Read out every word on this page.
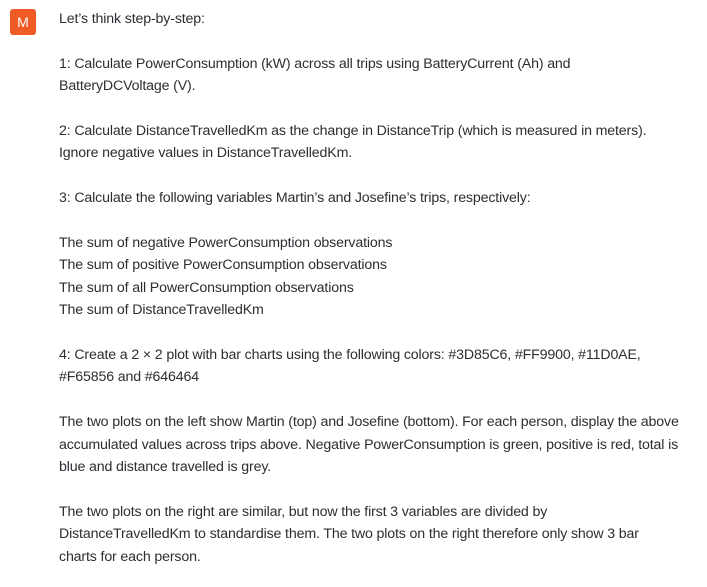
M	Let’s think step-by-step:

1: Calculate PowerConsumption (kW) across all trips using BatteryCurrent (Ah) and BatteryDCVoltage (V).

2: Calculate DistanceTravelledKm as the change in DistanceTrip (which is measured in meters). Ignore negative values in DistanceTravelledKm.

3: Calculate the following variables Martin’s and Josefine’s trips, respectively:

The sum of negative PowerConsumption observations
The sum of positive PowerConsumption observations
The sum of all PowerConsumption observations
The sum of DistanceTravelledKm

4: Create a 2 × 2 plot with bar charts using the following colors: #3D85C6, #FF9900, #11D0AE, #F65856 and #646464

The two plots on the left show Martin (top) and Josefine (bottom). For each person, display the above accumulated values across trips above. Negative PowerConsumption is green, positive is red, total is blue and distance travelled is grey.

The two plots on the right are similar, but now the first 3 variables are divided by DistanceTravelledKm to standardise them. The two plots on the right therefore only show 3 bar charts for each person.
